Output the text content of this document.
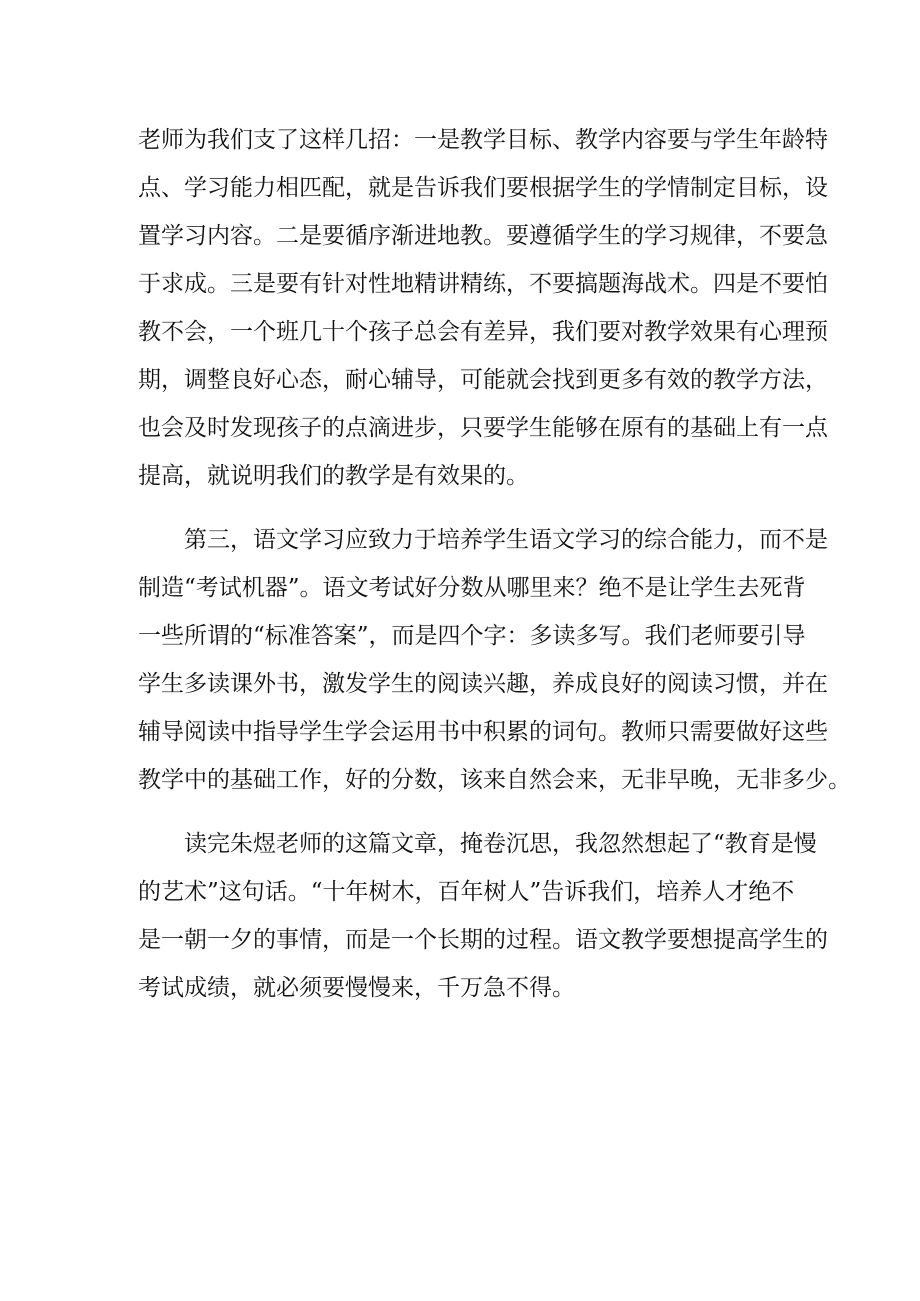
老师为我们支了这样几招：一是教学目标、教学内容要与学生年龄特
点、学习能力相匹配，就是告诉我们要根据学生的学情制定目标，设
置学习内容。二是要循序渐进地教。要遵循学生的学习规律，不要急
于求成。三是要有针对性地精讲精练，不要搞题海战术。四是不要怕
教不会，一个班几十个孩子总会有差异，我们要对教学效果有心理预
期，调整良好心态，耐心辅导，可能就会找到更多有效的教学方法，
也会及时发现孩子的点滴进步，只要学生能够在原有的基础上有一点
提高，就说明我们的教学是有效果的。
第三，语文学习应致力于培养学生语文学习的综合能力，而不是
制造“考试机器”。语文考试好分数从哪里来？绝不是让学生去死背
一些所谓的“标准答案”，而是四个字：多读多写。我们老师要引导
学生多读课外书，激发学生的阅读兴趣，养成良好的阅读习惯，并在
辅导阅读中指导学生学会运用书中积累的词句。教师只需要做好这些
教学中的基础工作，好的分数，该来自然会来，无非早晚，无非多少。
读完朱煜老师的这篇文章，掩卷沉思，我忽然想起了“教育是慢
的艺术”这句话。“十年树木，百年树人”告诉我们，培养人才绝不
是一朝一夕的事情，而是一个长期的过程。语文教学要想提高学生的
考试成绩，就必须要慢慢来，千万急不得。
